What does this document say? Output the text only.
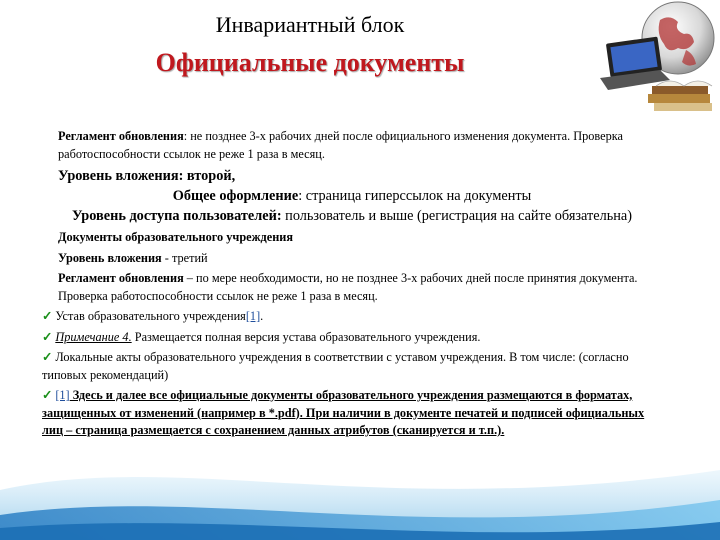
Инвариантный блок
Официальные документы

Регламент обновления: не позднее 3-х рабочих дней после официального изменения документа. Проверка работоспособности ссылок не реже 1 раза в месяц.

Уровень вложения: второй,

Общее оформление: страница гиперссылок на документы

Уровень доступа пользователей: пользователь и выше (регистрация на сайте обязательна)

Документы образовательного учреждения

Уровень вложения - третий

Регламент обновления – по мере необходимости, но не позднее 3-х рабочих дней после принятия документа. Проверка работоспособности ссылок не реже 1 раза в месяц.

✓ Устав образовательного учреждения[1].

✓ Примечание 4. Размещается полная версия устава образовательного учреждения.

✓ Локальные акты образовательного учреждения в соответствии с уставом учреждения. В том числе: (согласно типовых рекомендаций)

✓ [1] Здесь и далее все официальные документы образовательного учреждения размещаются в форматах, защищенных от изменений (например в *.pdf). При наличии в документе печатей и подписей официальных лиц – страница размещается с сохранением данных атрибутов (сканируется и т.п.).
